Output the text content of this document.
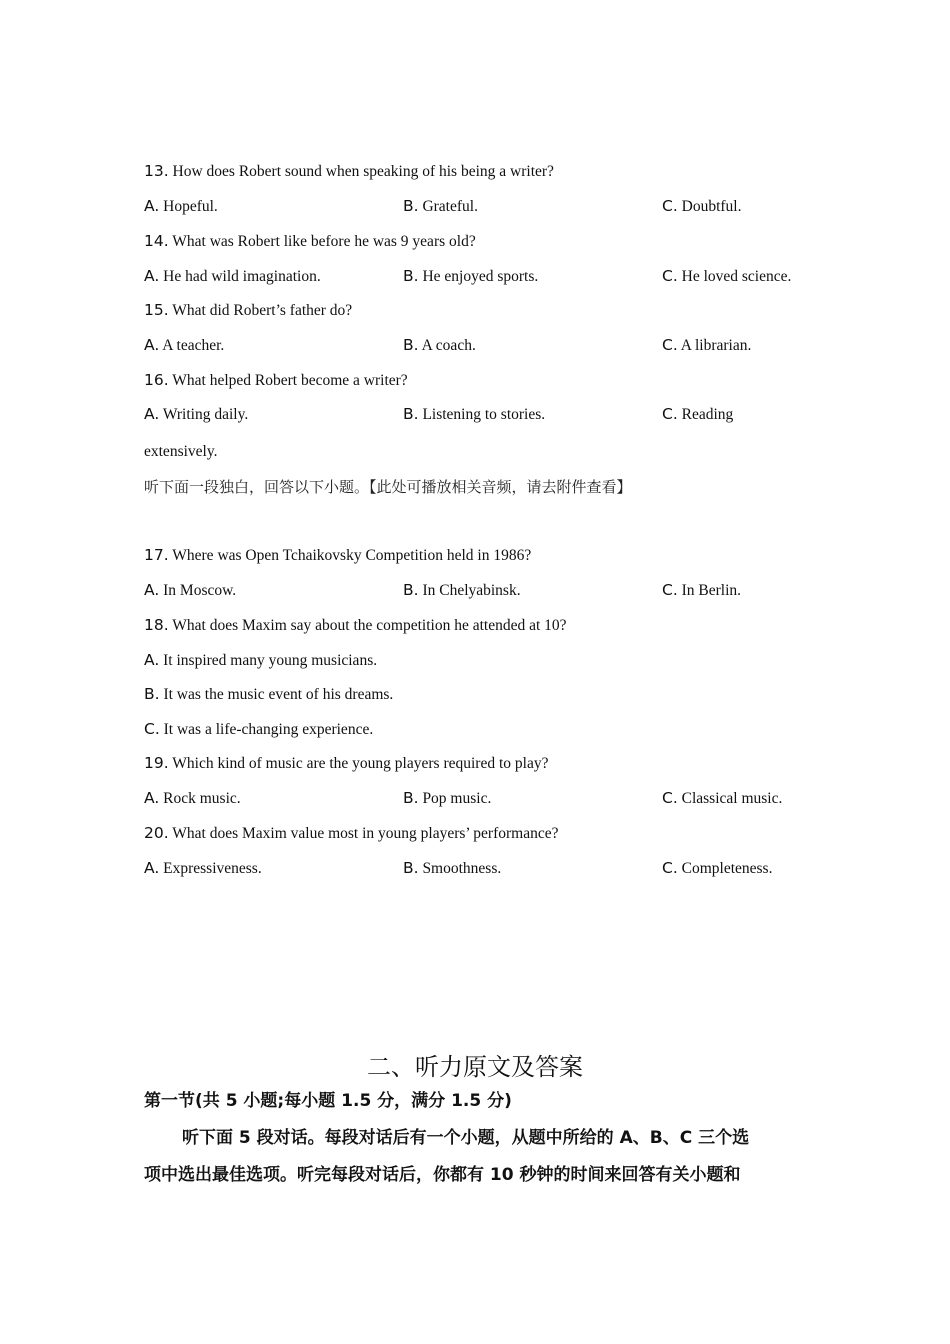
13. How does Robert sound when speaking of his being a writer?
A. Hopeful.	B. Grateful.	C. Doubtful.
14. What was Robert like before he was 9 years old?
A. He had wild imagination.	B. He enjoyed sports.	C. He loved science.
15. What did Robert’s father do?
A. A teacher.	B. A coach.	C. A librarian.
16. What helped Robert become a writer?
A. Writing daily.	B. Listening to stories.	C. Reading
extensively.
听下面一段独白，回答以下小题。【此处可播放相关音频，请去附件查看】
17. Where was Open Tchaikovsky Competition held in 1986?
A. In Moscow.	B. In Chelyabinsk.	C. In Berlin.
18. What does Maxim say about the competition he attended at 10?
A. It inspired many young musicians.
B. It was the music event of his dreams.
C. It was a life-changing experience.
19. Which kind of music are the young players required to play?
A. Rock music.	B. Pop music.	C. Classical music.
20. What does Maxim value most in young players’ performance?
A. Expressiveness.	B. Smoothness.	C. Completeness.
二、听力原文及答案
第一节(共 5 小题;每小题 1.5 分，满分 1.5 分)
听下面 5 段对话。每段对话后有一个小题，从题中所给的 A、B、C 三个选
项中选出最佳选项。听完每段对话后，你都有 10 秒钟的时间来回答有关小题和
